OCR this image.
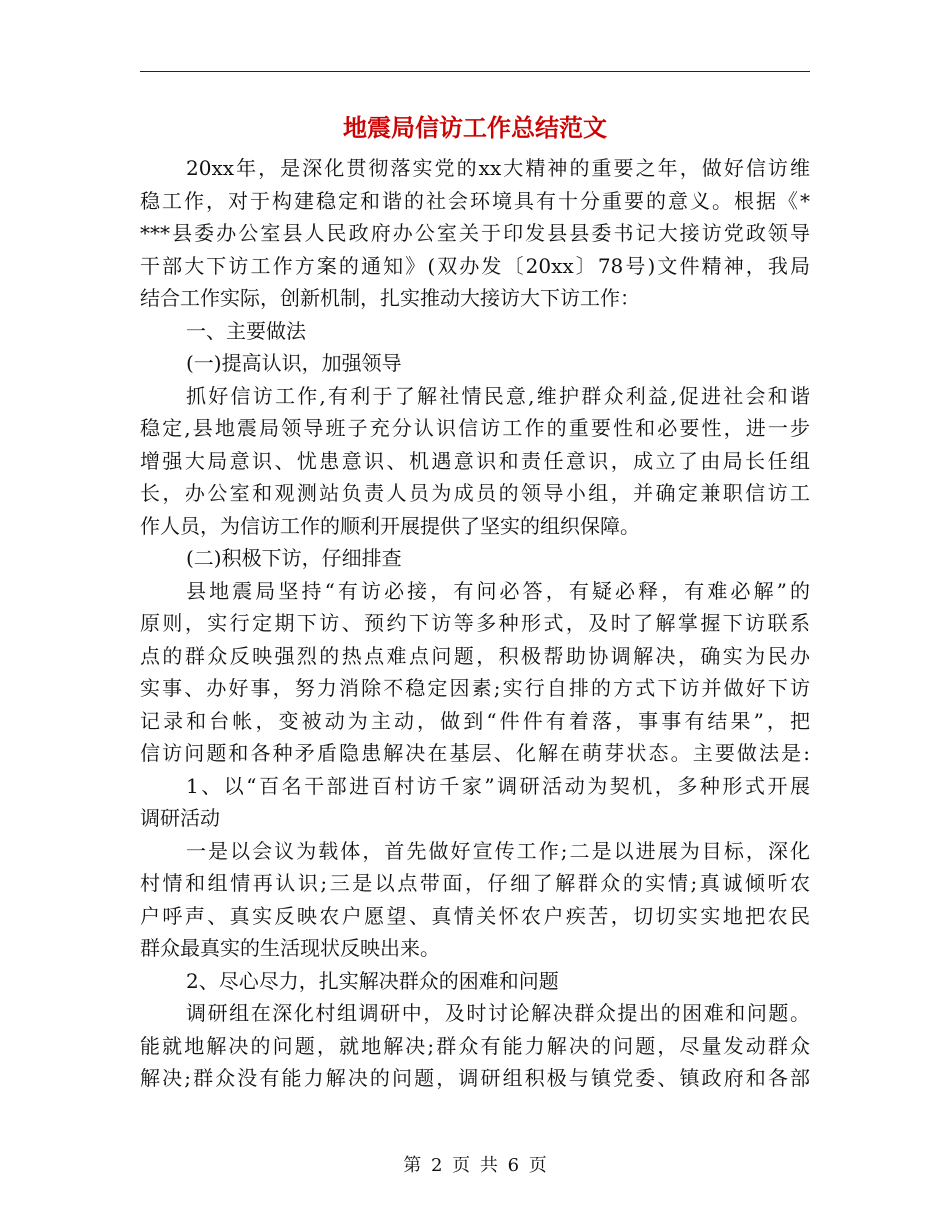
地震局信访工作总结范文
20xx年，是深化贯彻落实党的xx大精神的重要之年，做好信访维
稳工作，对于构建稳定和谐的社会环境具有十分重要的意义。根据《*
***县委办公室县人民政府办公室关于印发县县委书记大接访党政领导
干部大下访工作方案的通知》(双办发〔20xx〕78号)文件精神，我局
结合工作实际，创新机制，扎实推动大接访大下访工作：
一、主要做法
(一)提高认识，加强领导
抓好信访工作,有利于了解社情民意,维护群众利益,促进社会和谐
稳定,县地震局领导班子充分认识信访工作的重要性和必要性，进一步
增强大局意识、忧患意识、机遇意识和责任意识，成立了由局长任组
长，办公室和观测站负责人员为成员的领导小组，并确定兼职信访工
作人员，为信访工作的顺利开展提供了坚实的组织保障。
(二)积极下访，仔细排查
县地震局坚持“有访必接，有问必答，有疑必释，有难必解”的
原则，实行定期下访、预约下访等多种形式，及时了解掌握下访联系
点的群众反映强烈的热点难点问题，积极帮助协调解决，确实为民办
实事、办好事，努力消除不稳定因素;实行自排的方式下访并做好下访
记录和台帐，变被动为主动，做到“件件有着落，事事有结果”，把
信访问题和各种矛盾隐患解决在基层、化解在萌芽状态。主要做法是:
1、以“百名干部进百村访千家”调研活动为契机，多种形式开展
调研活动
一是以会议为载体，首先做好宣传工作;二是以进展为目标，深化
村情和组情再认识;三是以点带面，仔细了解群众的实情;真诚倾听农
户呼声、真实反映农户愿望、真情关怀农户疾苦，切切实实地把农民
群众最真实的生活现状反映出来。
2、尽心尽力，扎实解决群众的困难和问题
调研组在深化村组调研中，及时讨论解决群众提出的困难和问题。
能就地解决的问题，就地解决;群众有能力解决的问题，尽量发动群众
解决;群众没有能力解决的问题，调研组积极与镇党委、镇政府和各部
第 2 页 共 6 页
